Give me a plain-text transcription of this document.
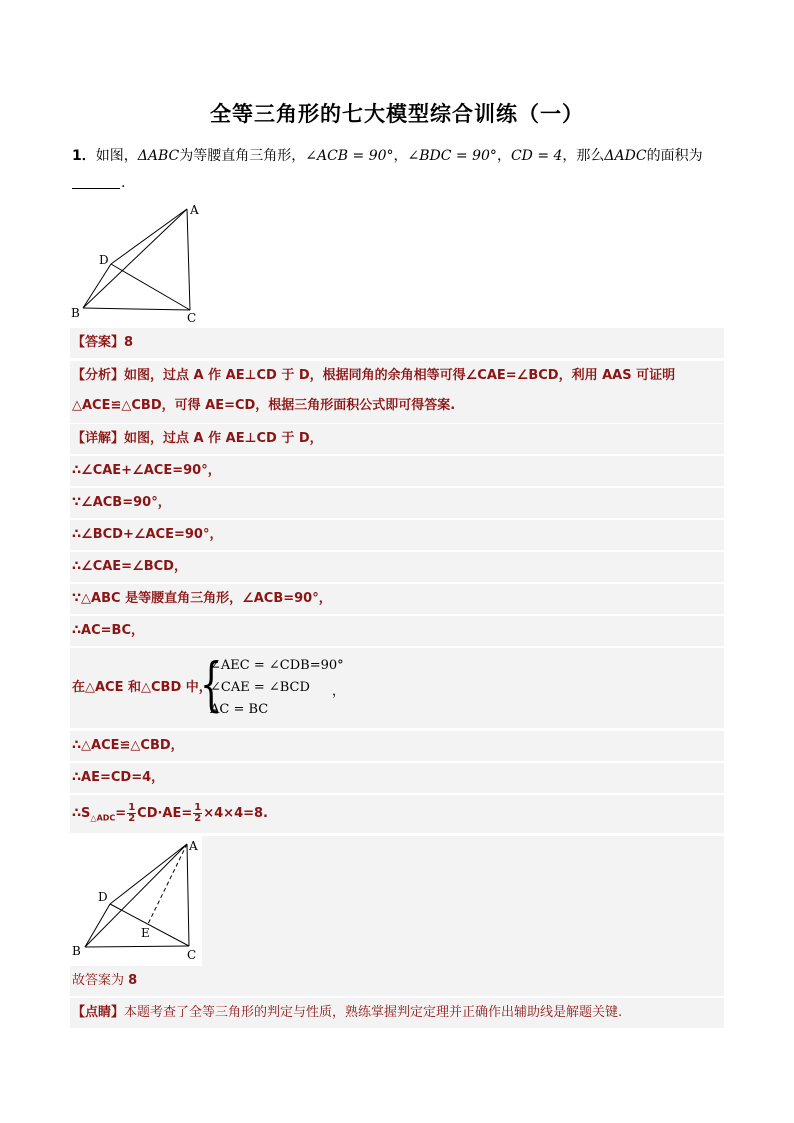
全等三角形的七大模型综合训练（一）
1．如图，ΔABC为等腰直角三角形，∠ACB = 90°，∠BDC = 90°，CD = 4，那么ΔADC的面积为
.
A
B	C
D
【答案】8
【分析】如图，过点 A 作 AE⊥CD 于 D，根据同角的余角相等可得∠CAE=∠BCD，利用 AAS 可证明
△ACE≌△CBD，可得 AE=CD，根据三角形面积公式即可得答案.
【详解】如图，过点 A 作 AE⊥CD 于 D，
∴∠CAE+∠ACE=90°，
∵∠ACB=90°，
∴∠BCD+∠ACE=90°，
∴∠CAE=∠BCD，
∵△ABC 是等腰直角三角形，∠ACB=90°，
∴AC=BC，
在△ACE 和△CBD 中，
{
∠AEC = ∠CDB=90°
∠CAE = ∠BCD
AC = BC
，
∴△ACE≌△CBD，
∴AE=CD=4，
$\therefore S_{\triangle ADC}= \frac{1}{2} CD\cdot AE= \frac{1}{2} \times 4\times 4=8$.
A
B	C
D
E
故答案为 8
【点睛】本题考查了全等三角形的判定与性质，熟练掌握判定定理并正确作出辅助线是解题关键.
